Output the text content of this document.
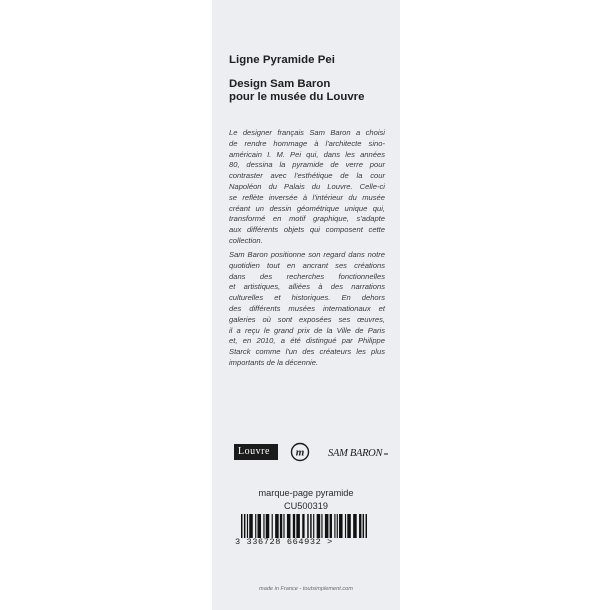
Ligne Pyramide Pei
Design Sam Baron
pour le musée du Louvre
Le designer français Sam Baron a choisi
de rendre hommage à l'architecte sino-
américain I. M. Pei qui, dans les années
80, dessina la pyramide de verre pour
contraster avec l'esthétique de la cour
Napoléon du Palais du Louvre. Celle-ci
se reflète inversée à l'intérieur du musée
créant un dessin géométrique unique qui,
transformé en motif graphique, s'adapte
aux différents objets qui composent cette
collection.
Sam Baron positionne son regard dans notre
quotidien tout en ancrant ses créations
dans des recherches fonctionnelles
et artistiques, alliées à des narrations
culturelles et historiques. En dehors
des différents musées internationaux et
galeries où sont exposées ses œuvres,
il a reçu le grand prix de la Ville de Paris
et, en 2010, a été distingué par Philippe
Starck comme l'un des créateurs les plus
importants de la décennie.
Louvre	m SAM BARON
marque-page pyramide
CU500319
3 336728 664932 >
made in France - toutsimplement.com
